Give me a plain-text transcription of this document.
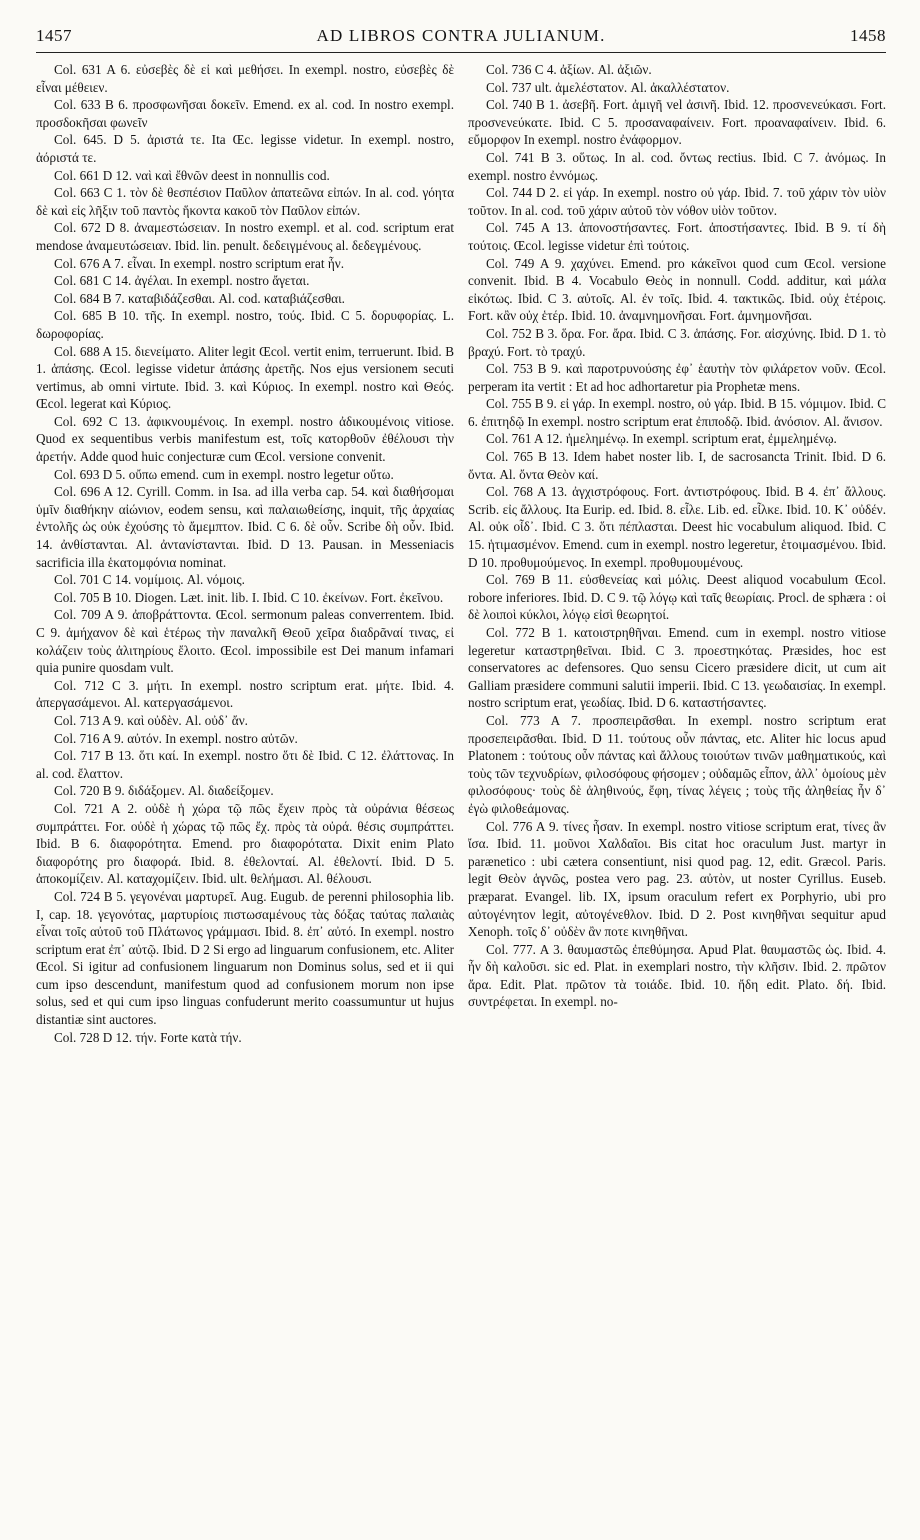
1457	AD LIBROS CONTRA JULIANUM.	1458

Col. 631 A 6. εὐσεβὲς δὲ εἰ καὶ μεθήσει. In exempl. nostro, εὐσεβὲς δὲ εἶναι μέθειεν.

Col. 633 B 6. προσφωνῆσαι δοκεῖν. Emend. ex al. cod. In nostro exempl. προσδοκῆσαι φωνεῖν

Col. 645. D 5. ἀριστά τε. Ita Œc. legisse videtur. In exempl. nostro, ἀόριστά τε.

Col. 661 D 12. ναὶ καὶ ἔθνῶν deest in nonnullis cod.

Col. 663 C 1. τὸν δὲ θεσπέσιον Παῦλον ἀπατεῶνα εἰπών. In al. cod. γόητα δὲ καὶ εἰς λῆξιν τοῦ παντὸς ἥκοντα κακοῦ τὸν Παῦλον εἰπών.

Col. 672 D 8. ἀναμεστώσειαν. In nostro exempl. et al. cod. scriptum erat mendose ἀναμευτώσειαν. Ibid. lin. penult. δεδειγμένους al. δεδεγμένους.

Col. 676 A 7. εἶναι. In exempl. nostro scriptum erat ἦν.

Col. 681 C 14. ἀγέλαι. In exempl. nostro ἄγεται.

Col. 684 B 7. καταβιδάζεσθαι. Al. cod. καταβιάζεσθαι.

Col. 685 B 10. τῆς. In exempl. nostro, τούς. Ibid. C 5. δορυφορίας. L. δωροφορίας.

Col. 688 A 15. διενείματο. Aliter legit Œcol. vertit enim, terruerunt. Ibid. B 1. ἁπάσης. Œcol. legisse videtur ἁπάσης ἀρετῆς. Nos ejus versionem secuti vertimus, ab omni virtute. Ibid. 3. καὶ Κύριος. In exempl. nostro καὶ Θεός. Œcol. legerat καὶ Κύριος.

Col. 692 C 13. ἀφικνουμένοις. In exempl. nostro ἀδικουμένοις vitiose. Quod ex sequentibus verbis manifestum est, τοῖς κατορθοῦν ἐθέλουσι τὴν ἀρετήν. Adde quod huic conjecturæ cum Œcol. versione convenit.

Col. 693 D 5. οὔπω emend. cum in exempl. nostro legetur οὔτω.

Col. 696 A 12. Cyrill. Comm. in Isa. ad illa verba cap. 54. καὶ διαθήσομαι ὑμῖν διαθήκην αἰώνιον, eodem sensu, καὶ παλαιωθείσης, inquit, τῆς ἀρχαίας ἐντολῆς ὡς οὐκ ἐχούσης τὸ ἄμεμπτον. Ibid. C 6. δὲ οὖν. Scribe δὴ οὖν. Ibid. 14. ἀνθίστανται. Al. ἀντανίστανται. Ibid. D 13. Pausan. in Messeniacis sacrificia illa ἑκατομφόνια nominat.

Col. 701 C 14. νομίμοις. Al. νόμοις.

Col. 705 B 10. Diogen. Læt. init. lib. I. Ibid. C 10. ἐκείνων. Fort. ἐκεῖνου.

Col. 709 A 9. ἀποβράττοντα. Œcol. sermonum paleas converrentem. Ibid. C 9. ἀμήχανον δὲ καὶ ἑτέρως τὴν παναλκῆ Θεοῦ χεῖρα διαδρᾶναί τινας, εἰ κολάζειν τοὺς ἀλιτηρίους ἔλοιτο. Œcol. impossibile est Dei manum infamari quia punire quosdam vult.

Col. 712 C 3. μήτι. In exempl. nostro scriptum erat. μήτε. Ibid. 4. ἀπεργασάμενοι. Al. κατεργασάμενοι.

Col. 713 A 9. καὶ οὐδὲν. Al. οὐδ᾽ ἄν.

Col. 716 A 9. αὐτόν. In exempl. nostro αὐτῶν.

Col. 717 B 13. ὅτι καί. In exempl. nostro ὅτι δὲ Ibid. C 12. ἐλάττονας. In al. cod. ἔλαττον.

Col. 720 B 9. διδάξομεν. Al. διαδείξομεν.

Col. 721 A 2. οὐδὲ ἡ χώρα τῷ πῶς ἔχειν πρὸς τὰ οὐράνια θέσεως συμπράττει. For. οὐδὲ ἡ χώρας τῷ πῶς ἔχ. πρὸς τὰ οὐρά. θέσις συμπράττει. Ibid. B 6. διαφορότητα. Emend. pro διαφορότατα. Dixit enim Plato διαφορότης pro διαφορά. Ibid. 8. ἐθελονταί. Al. ἐθελοντί. Ibid. D 5. ἀποκομίζειν. Al. καταχομίζειν. Ibid. ult. θελήμασι. Al. θέλουσι.

Col. 724 B 5. γεγονέναι μαρτυρεῖ. Aug. Eugub. de perenni philosophia lib. I, cap. 18. γεγονότας, μαρτυρίοις πιστωσαμένους τὰς δόξας ταύτας παλαιὰς εἶναι τοῖς αὐτοῦ τοῦ Πλάτωνος γράμμασι. Ibid. 8. ἐπ᾽ αὐτό. In exempl. nostro scriptum erat ἐπ᾽ αὐτῷ. Ibid. D 2 Si ergo ad linguarum confusionem, etc. Aliter Œcol. Si igitur ad confusionem linguarum non Dominus solus, sed et ii qui cum ipso descendunt, manifestum quod ad confusionem morum non ipse solus, sed et qui cum ipso linguas confuderunt merito coassumuntur ut hujus distantiæ sint auctores.

Col. 728 D 12. τήν. Forte κατὰ τήν.

Col. 736 C 4. ἀξίων. Al. ἀξιῶν.

Col. 737 ult. ἀμελέστατον. Al. ἀκαλλέστατον.

Col. 740 B 1. ἀσεβῆ. Fort. ἀμιγῆ vel ἀσινῆ. Ibid. 12. προσνενεύκασι. Fort. προσνενεύκατε. Ibid. C 5. προσαναφαίνειν. Fort. προαναφαίνειν. Ibid. 6. εὔμορφον In exempl. nostro ἐνάφορμον.

Col. 741 B 3. οὕτως. In al. cod. ὄντως rectius. Ibid. C 7. ἀνόμως. In exempl. nostro ἐννόμως.

Col. 744 D 2. εἰ γάρ. In exempl. nostro οὐ γάρ. Ibid. 7. τοῦ χάριν τὸν υἱὸν τοῦτον. In al. cod. τοῦ χάριν αὐτοῦ τὸν νόθον υἱὸν τοῦτον.

Col. 745 A 13. ἀπονοστήσαντες. Fort. ἀποστήσαντες. Ibid. B 9. τί δὴ τούτοις. Œcol. legisse videtur ἐπὶ τούτοις.

Col. 749 A 9. χαχύνει. Emend. pro κάκεῖνοι quod cum Œcol. versione convenit. Ibid. B 4. Vocabulo Θεὸς in nonnull. Codd. additur, καὶ μάλα εἰκότως. Ibid. C 3. αὐτοῖς. Al. ἐν τοῖς. Ibid. 4. τακτικῶς. Ibid. οὐχ ἑτέροις. Fort. κἂν οὐχ ἑτέρ. Ibid. 10. ἀναμνημονῆσαι. Fort. ἀμνημονῆσαι.

Col. 752 B 3. ὅρα. For. ἄρα. Ibid. C 3. ἁπάσης. For. αἰσχύνης. Ibid. D 1. τὸ βραχύ. Fort. τὸ τραχύ.

Col. 753 B 9. καὶ παροτρυνούσης ἐφ᾽ ἑαυτὴν τὸν φιλάρετον νοῦν. Œcol. perperam ita vertit : Et ad hoc adhortaretur pia Prophetæ mens.

Col. 755 B 9. εἰ γάρ. In exempl. nostro, οὐ γάρ. Ibid. B 15. νόμιμον. Ibid. C 6. ἐπιτηδῷ In exempl. nostro scriptum erat ἐπιποδῷ. Ibid. ἀνόσιον. Al. ἄνισον.

Col. 761 A 12. ἠμελημένῳ. In exempl. scriptum erat, ἐμμελημένῳ.

Col. 765 B 13. Idem habet noster lib. I, de sacrosancta Trinit. Ibid. D 6. ὄντα. Al. ὄντα Θεὸν καί.

Col. 768 A 13. ἀγχιστρόφους. Fort. ἀντιστρόφους. Ibid. B 4. ἐπ᾽ ἄλλους. Scrib. εἰς ἄλλους. Ita Eurip. ed. Ibid. 8. εἶλε. Lib. ed. εἶλκε. Ibid. 10. Κ᾽ οὐδέν. Al. οὐκ οἶδ᾽. Ibid. C 3. ὅτι πέπλασται. Deest hic vocabulum aliquod. Ibid. C 15. ἡτιμασμένον. Emend. cum in exempl. nostro legeretur, ἑτοιμασμένου. Ibid. D 10. προθυμούμενος. In exempl. προθυμουμένους.

Col. 769 B 11. εὐσθενείας καὶ μόλις. Deest aliquod vocabulum Œcol. robore inferiores. Ibid. D. C 9. τῷ λόγῳ καὶ ταῖς θεωρίαις. Procl. de sphæra : οἱ δὲ λοιποὶ κύκλοι, λόγῳ εἰσὶ θεωρητοί.

Col. 772 B 1. κατοιστρηθῆναι. Emend. cum in exempl. nostro vitiose legeretur καταστρηθεῖναι. Ibid. C 3. προεστηκότας. Præsides, hoc est conservatores ac defensores. Quo sensu Cicero præsidere dicit, ut cum ait Galliam præsidere communi salutii imperii. Ibid. C 13. γεωδαισίας. In exempl. nostro scriptum erat, γεωδίας. Ibid. D 6. καταστήσαντες.

Col. 773 A 7. προσπειρᾶσθαι. In exempl. nostro scriptum erat προσεπειρᾶσθαι. Ibid. D 11. τούτους οὖν πάντας, etc. Aliter hic locus apud Platonem : τούτους οὖν πάντας καὶ ἄλλους τοιούτων τινῶν μαθηματικούς, καὶ τοὺς τῶν τεχνυδρίων, φιλοσόφους φήσομεν ; οὐδαμῶς εἶπον, ἀλλ᾽ ὁμοίους μὲν φιλοσόφους· τοὺς δὲ ἀληθινούς, ἔφη, τίνας λέγεις ; τοὺς τῆς ἀληθείας ἦν δ᾽ ἐγὼ φιλοθεάμονας.

Col. 776 A 9. τίνες ἦσαν. In exempl. nostro vitiose scriptum erat, τίνες ἂν ἴσα. Ibid. 11. μοῦνοι Χαλδαῖοι. Bis citat hoc oraculum Just. martyr in parænetico : ubi cætera consentiunt, nisi quod pag. 12, edit. Græcol. Paris. legit Θεὸν ἁγνῶς, postea vero pag. 23. αὐτὸν, ut noster Cyrillus. Euseb. præparat. Evangel. lib. IX, ipsum oraculum refert ex Porphyrio, ubi pro αὐτογένητον legit, αὐτογένεθλον. Ibid. D 2. Post κινηθῆναι sequitur apud Xenoph. τοῖς δ᾽ οὐδὲν ἂν ποτε κινηθῆναι.

Col. 777. A 3. θαυμαστῶς ἐπεθύμησα. Apud Plat. θαυμαστῶς ὡς. Ibid. 4. ἦν δὴ καλοῦσι. sic ed. Plat. in exemplari nostro, τὴν κλῆσιν. Ibid. 2. πρῶτον ἄρα. Edit. Plat. πρῶτον τὰ τοιάδε. Ibid. 10. ἤδη edit. Plato. δή. Ibid. συντρέφεται. In exempl. no-
